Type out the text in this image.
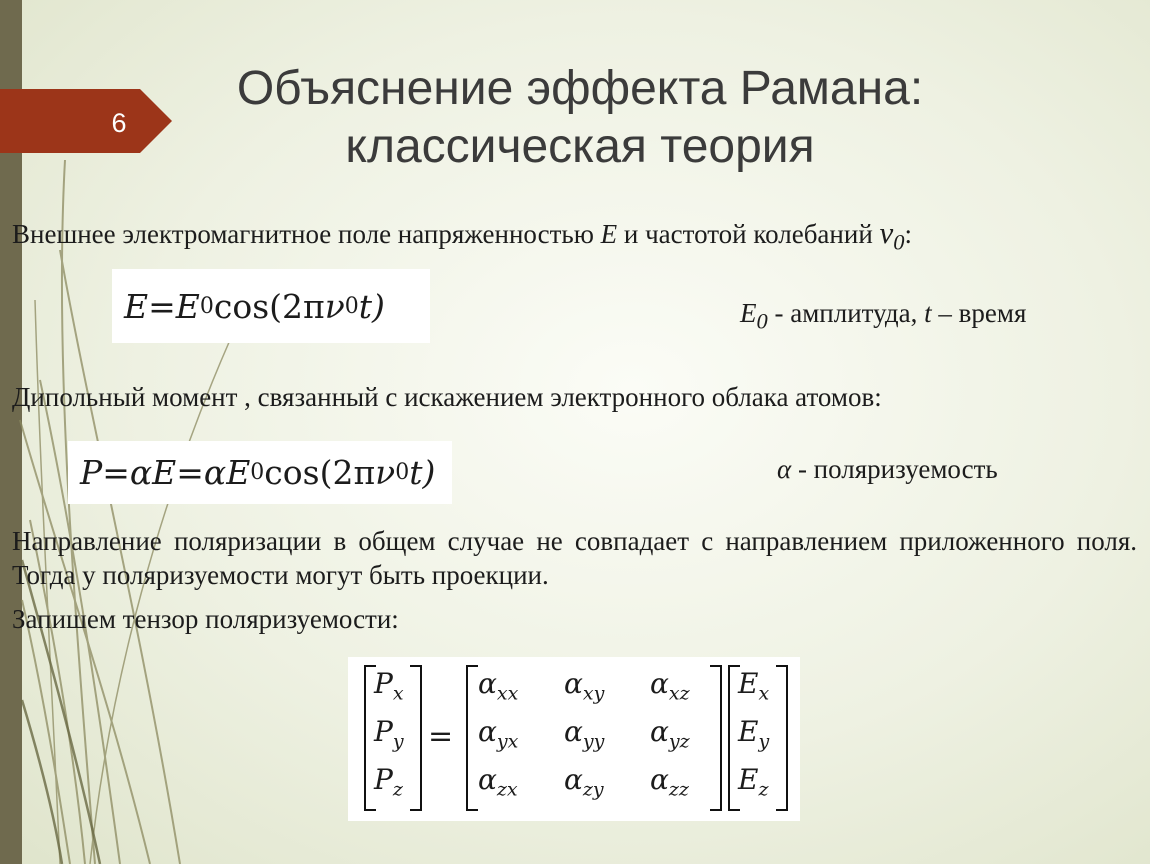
6
Объяснение эффекта Рамана:
классическая теория

Внешнее электромагнитное поле напряженностью E и частотой колебаний $\nu_0$:

E = E 0 cos (2π ν 0 t)	$E_0$ - амплитуда, t – время

Дипольный момент , связанный с искажением электронного облака атомов:

P = αE = α E 0 cos (2π ν 0 t)	α - поляризуемость

Направление поляризации в общем случае не совпадает с направлением приложенного поля. Тогда у поляризуемости могут быть проекции.

Запишем тензор поляризуемости:

$P_x$
$P_y$
$P_z$
=
$\alpha_{xx}$ $\alpha_{xy}$ $\alpha_{xz}$
$\alpha_{yx}$ $\alpha_{yy}$ $\alpha_{yz}$
$\alpha_{zx}$ $\alpha_{zy}$ $\alpha_{zz}$
$E_x$
$E_y$
$E_z$
